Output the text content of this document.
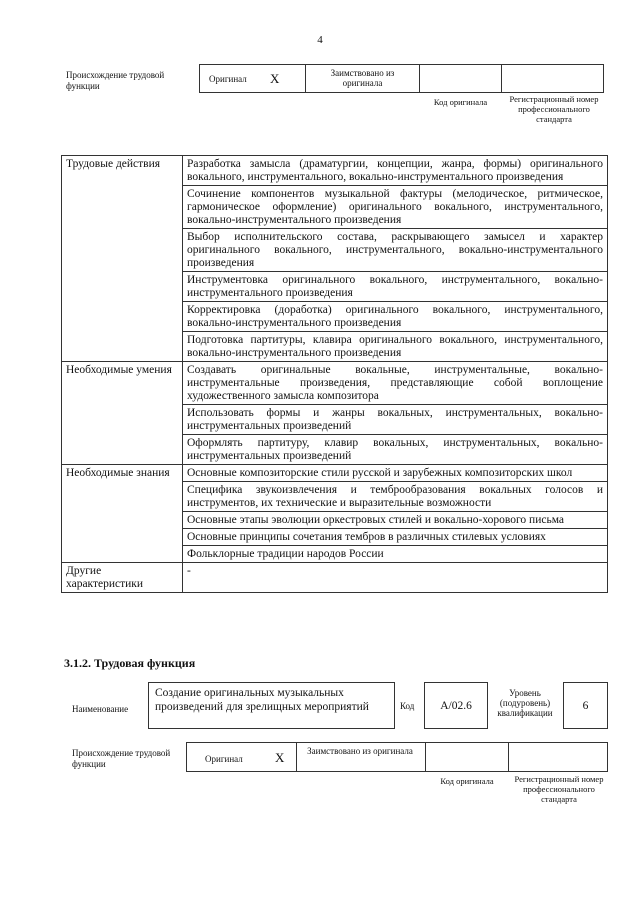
4
Происхождение трудовой функции
Оригинал X	Заимствовано из оригинала
Код оригинала	Регистрационный номер профессионального стандарта
Трудовые действия	Разработка замысла (драматургии, концепции, жанра, формы) оригинального вокального, инструментального, вокально-инструментального произведения
	Сочинение компонентов музыкальной фактуры (мелодическое, ритмическое, гармоническое оформление) оригинального вокального, инструментального, вокально-инструментального произведения
	Выбор исполнительского состава, раскрывающего замысел и характер оригинального вокального, инструментального, вокально-инструментального произведения
	Инструментовка оригинального вокального, инструментального, вокально-инструментального произведения
	Корректировка (доработка) оригинального вокального, инструментального, вокально-инструментального произведения
	Подготовка партитуры, клавира оригинального вокального, инструментального, вокально-инструментального произведения
Необходимые умения	Создавать оригинальные вокальные, инструментальные, вокально-инструментальные произведения, представляющие собой воплощение художественного замысла композитора
	Использовать формы и жанры вокальных, инструментальных, вокально-инструментальных произведений
	Оформлять партитуру, клавир вокальных, инструментальных, вокально-инструментальных произведений
Необходимые знания	Основные композиторские стили русской и зарубежных композиторских школ
	Специфика звукоизвлечения и темброобразования вокальных голосов и инструментов, их технические и выразительные возможности
	Основные этапы эволюции оркестровых стилей и вокально-хорового письма
	Основные принципы сочетания тембров в различных стилевых условиях
	Фольклорные традиции народов России
Другие характеристики	-
3.1.2. Трудовая функция
Наименование
Создание оригинальных музыкальных произведений для зрелищных мероприятий	Код	A/02.6
Уровень (подуровень) квалификации
6
Происхождение трудовой функции	Оригинал X	Заимствовано из оригинала
Код оригинала	Регистрационный номер профессионального стандарта
